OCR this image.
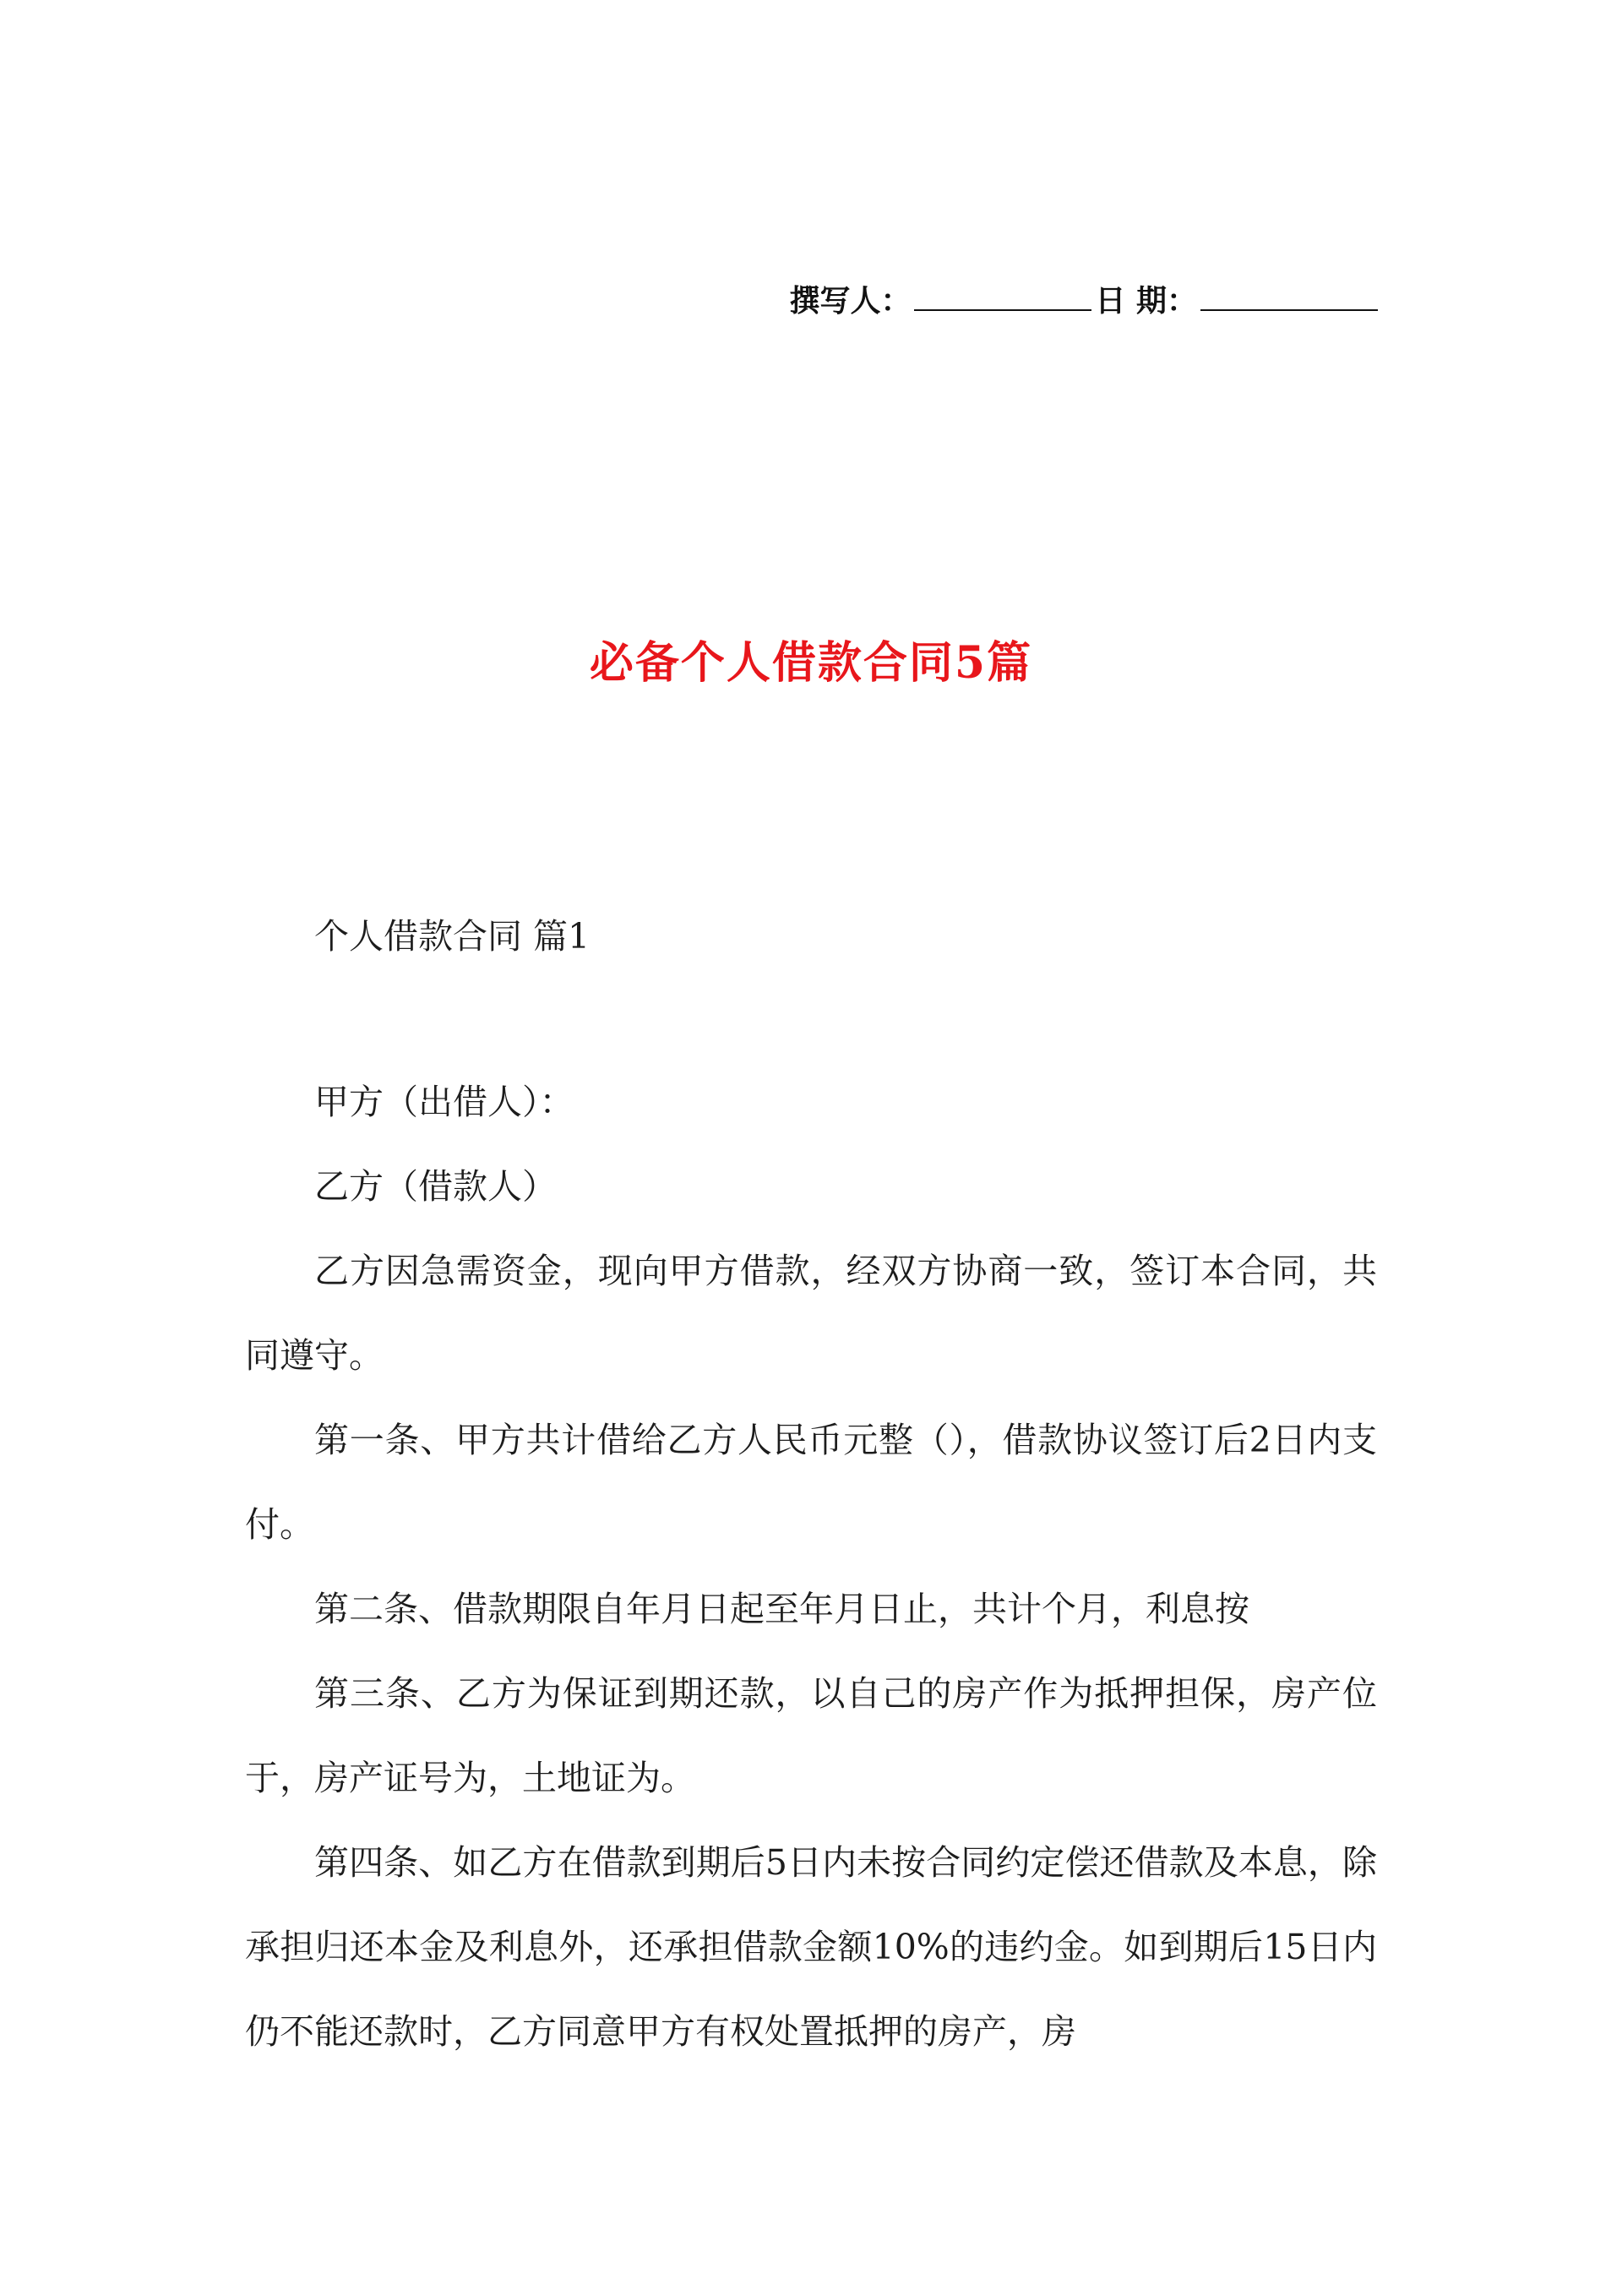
撰写人：	日 期：
必备个人借款合同5篇

个人借款合同 篇1

甲方（出借人）：

乙方（借款人）

乙方因急需资金，现向甲方借款，经双方协商一致，签订本合同，共同遵守。

第一条、甲方共计借给乙方人民币元整（），借款协议签订后2日内支付。

第二条、借款期限自年月日起至年月日止，共计个月，利息按

第三条、乙方为保证到期还款，以自己的房产作为抵押担保，房产位于，房产证号为，土地证为。

第四条、如乙方在借款到期后5日内未按合同约定偿还借款及本息，除承担归还本金及利息外，还承担借款金额10%的违约金。如到期后15日内仍不能还款时，乙方同意甲方有权处置抵押的房产，房
